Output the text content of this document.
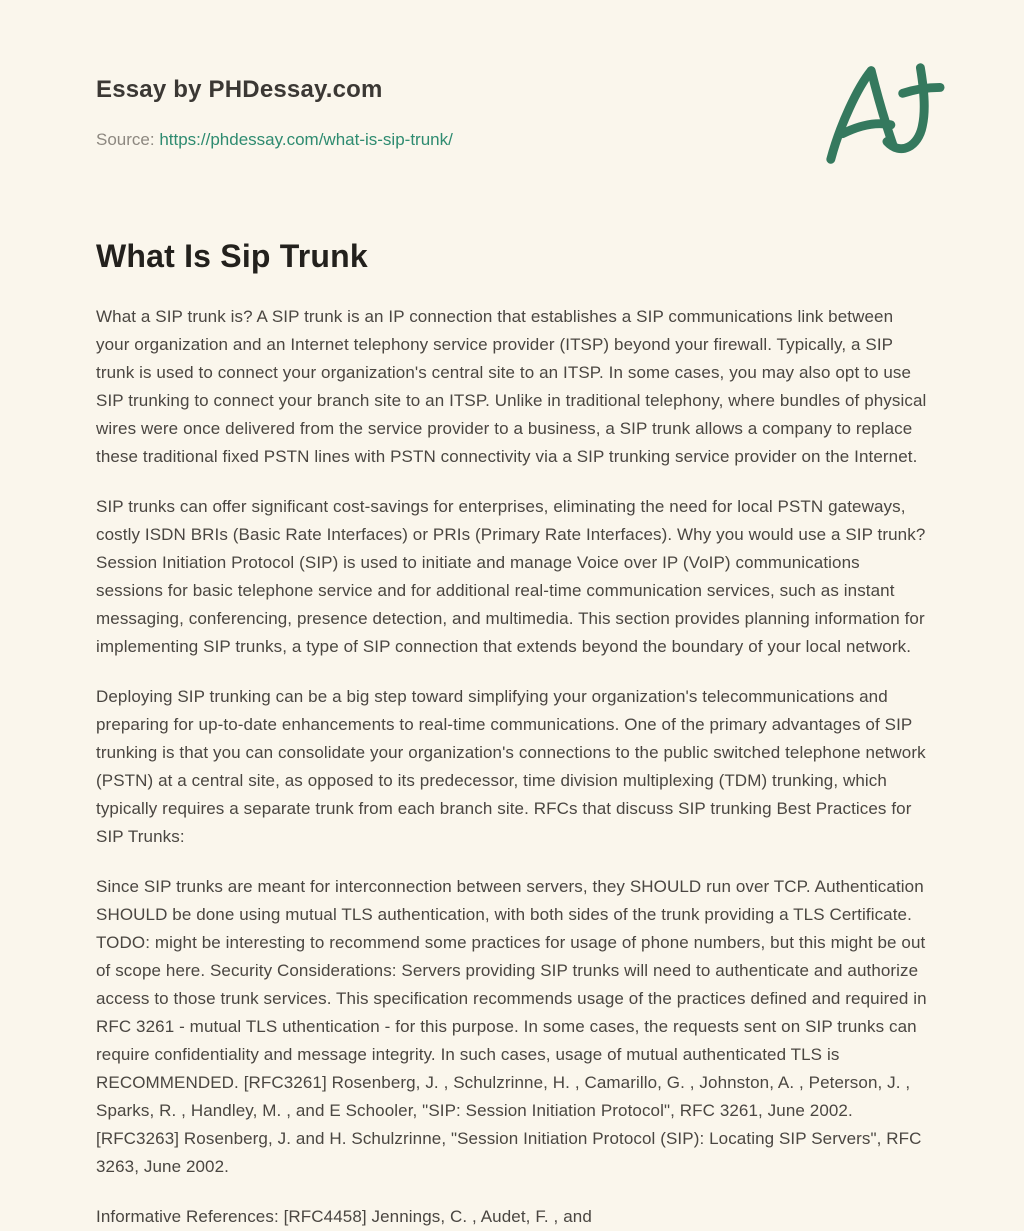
Essay by PHDessay.com
Source: https://phdessay.com/what-is-sip-trunk/
What Is Sip Trunk

What a SIP trunk is? A SIP trunk is an IP connection that establishes a SIP communications link between your organization and an Internet telephony service provider (ITSP) beyond your firewall. Typically, a SIP trunk is used to connect your organization's central site to an ITSP. In some cases, you may also opt to use SIP trunking to connect your branch site to an ITSP. Unlike in traditional telephony, where bundles of physical wires were once delivered from the service provider to a business, a SIP trunk allows a company to replace these traditional fixed PSTN lines with PSTN connectivity via a SIP trunking service provider on the Internet.

SIP trunks can offer significant cost-savings for enterprises, eliminating the need for local PSTN gateways, costly ISDN BRIs (Basic Rate Interfaces) or PRIs (Primary Rate Interfaces). Why you would use a SIP trunk? Session Initiation Protocol (SIP) is used to initiate and manage Voice over IP (VoIP) communications sessions for basic telephone service and for additional real-time communication services, such as instant messaging, conferencing, presence detection, and multimedia. This section provides planning information for implementing SIP trunks, a type of SIP connection that extends beyond the boundary of your local network.

Deploying SIP trunking can be a big step toward simplifying your organization's telecommunications and preparing for up-to-date enhancements to real-time communications. One of the primary advantages of SIP trunking is that you can consolidate your organization's connections to the public switched telephone network (PSTN) at a central site, as opposed to its predecessor, time division multiplexing (TDM) trunking, which typically requires a separate trunk from each branch site. RFCs that discuss SIP trunking Best Practices for SIP Trunks:

Since SIP trunks are meant for interconnection between servers, they SHOULD run over TCP. Authentication SHOULD be done using mutual TLS authentication, with both sides of the trunk providing a TLS Certificate. TODO: might be interesting to recommend some practices for usage of phone numbers, but this might be out of scope here. Security Considerations: Servers providing SIP trunks will need to authenticate and authorize access to those trunk services. This specification recommends usage of the practices defined and required in RFC 3261 - mutual TLS uthentication - for this purpose. In some cases, the requests sent on SIP trunks can require confidentiality and message integrity. In such cases, usage of mutual authenticated TLS is RECOMMENDED. [RFC3261] Rosenberg, J. , Schulzrinne, H. , Camarillo, G. , Johnston, A. , Peterson, J. , Sparks, R. , Handley, M. , and E Schooler, "SIP: Session Initiation Protocol", RFC 3261, June 2002. [RFC3263] Rosenberg, J. and H. Schulzrinne, "Session Initiation Protocol (SIP): Locating SIP Servers", RFC 3263, June 2002.

Informative References: [RFC4458] Jennings, C. , Audet, F. , and
